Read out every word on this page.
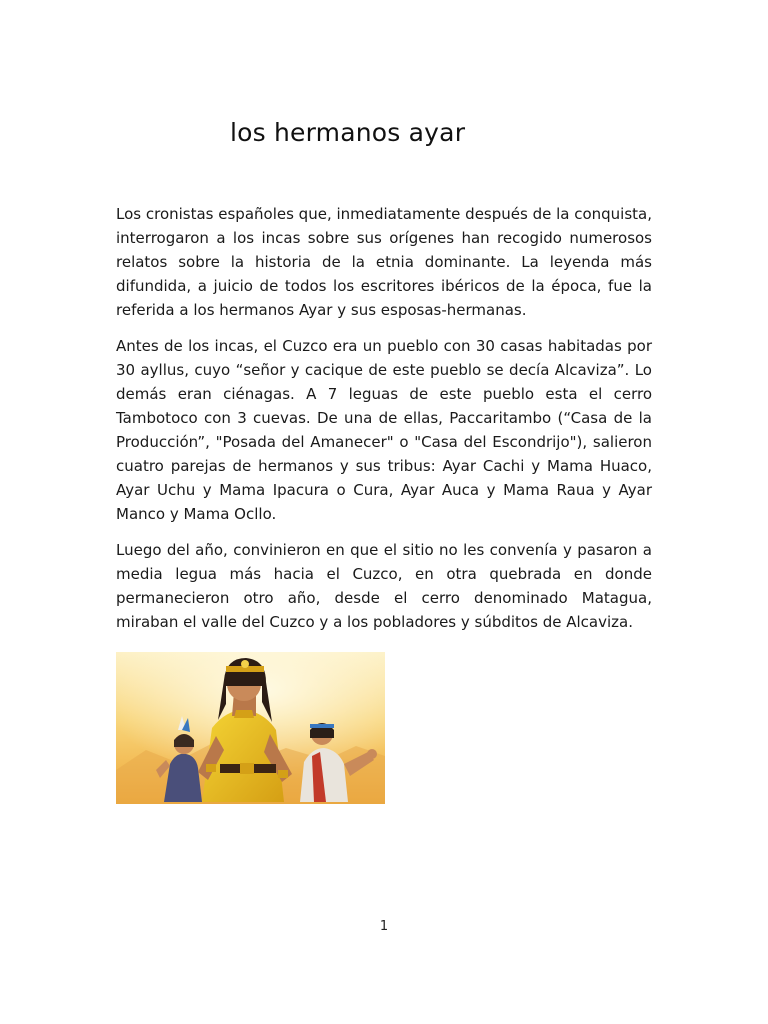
los hermanos ayar

Los cronistas españoles que, inmediatamente después de la conquista, interrogaron a los incas sobre sus orígenes han recogido numerosos relatos sobre la historia de la etnia dominante. La leyenda más difundida, a juicio de todos los escritores ibéricos de la época, fue la referida a los hermanos Ayar y sus esposas-hermanas.

Antes de los incas, el Cuzco era un pueblo con 30 casas habitadas por 30 ayllus, cuyo “señor y cacique de este pueblo se decía Alcaviza”. Lo demás eran ciénagas. A 7 leguas de este pueblo esta el cerro Tambotoco con 3 cuevas. De una de ellas, Paccaritambo (“Casa de la Producción”, "Posada del Amanecer" o "Casa del Escondrijo"), salieron cuatro parejas de hermanos y sus tribus: Ayar Cachi y Mama Huaco, Ayar Uchu y Mama Ipacura o Cura, Ayar Auca y Mama Raua y Ayar Manco y Mama Ocllo.

Luego del año, convinieron en que el sitio no les convenía y pasaron a media legua más hacia el Cuzco, en otra quebrada en donde permanecieron otro año, desde el cerro denominado Matagua, miraban el valle del Cuzco y a los pobladores y súbditos de Alcaviza.

1
